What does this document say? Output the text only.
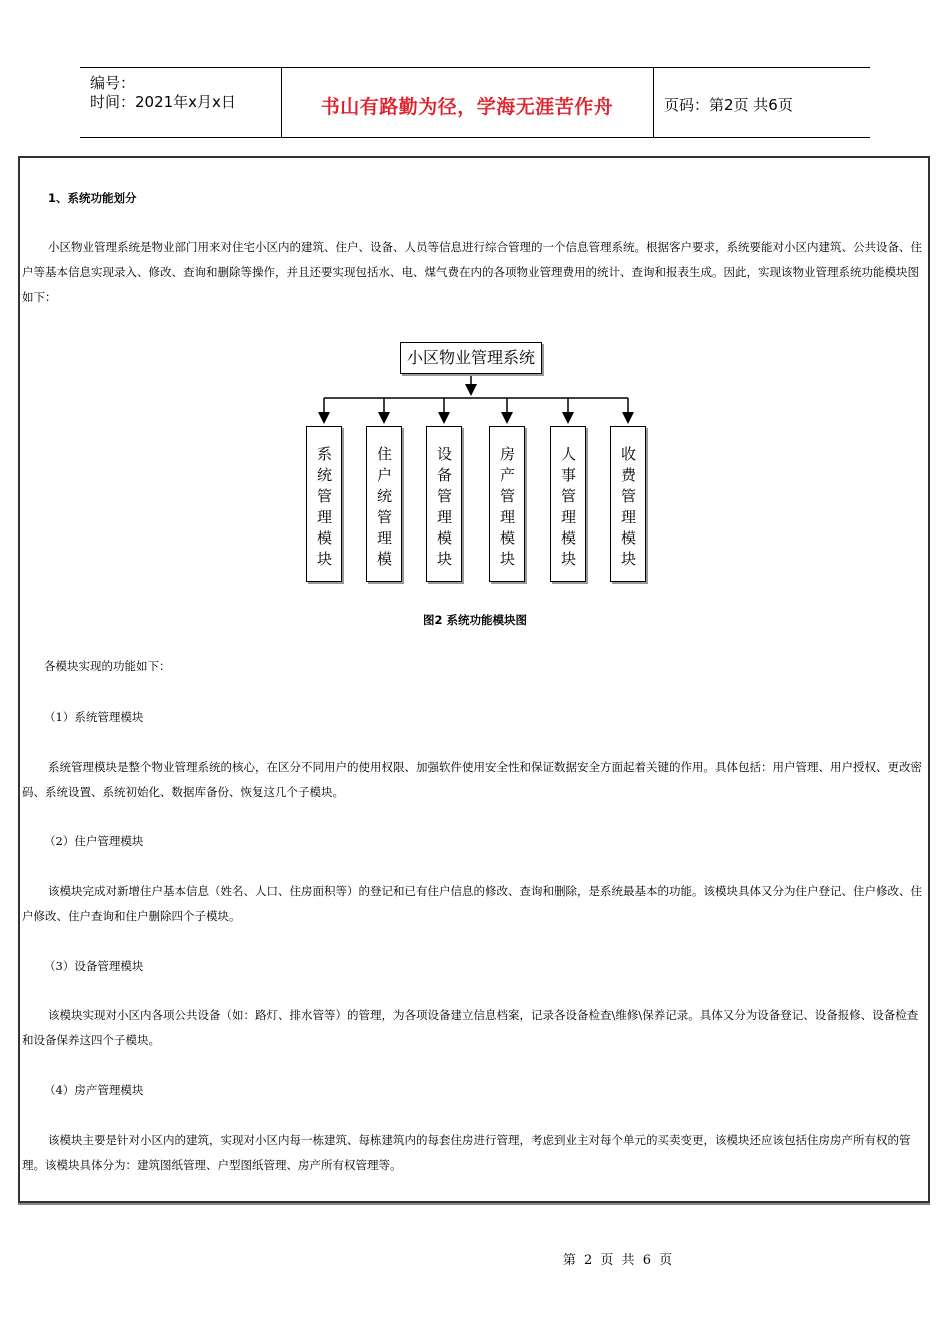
编号：
时间：2021年x月x日	书山有路勤为径，学海无涯苦作舟	页码：第2页 共6页
1、系统功能划分
小区物业管理系统是物业部门用来对住宅小区内的建筑、住户、设备、人员等信息进行综合管理的一个信息管理系统。根据客户要求，系统要能对小区内建筑、公共设备、住户等基本信息实现录入、修改、查询和删除等操作，并且还要实现包括水、电、煤气费在内的各项物业管理费用的统计、查询和报表生成。因此，实现该物业管理系统功能模块图如下：
小区物业管理系统
系统管理模块	住户统管理模	设备管理模块	房产管理模块	人事管理模块	收费管理模块
图2 系统功能模块图
各模块实现的功能如下：
（1）系统管理模块
系统管理模块是整个物业管理系统的核心，在区分不同用户的使用权限、加强软件使用安全性和保证数据安全方面起着关键的作用。具体包括：用户管理、用户授权、更改密码、系统设置、系统初始化、数据库备份、恢复这几个子模块。
（2）住户管理模块
该模块完成对新增住户基本信息（姓名、人口、住房面积等）的登记和已有住户信息的修改、查询和删除，是系统最基本的功能。该模块具体又分为住户登记、住户修改、住户修改、住户查询和住户删除四个子模块。
（3）设备管理模块
该模块实现对小区内各项公共设备（如：路灯、排水管等）的管理，为各项设备建立信息档案，记录各设备检查\维修\保养记录。具体又分为设备登记、设备报修、设备检查和设备保养这四个子模块。
（4）房产管理模块
该模块主要是针对小区内的建筑，实现对小区内每一栋建筑、每栋建筑内的每套住房进行管理，考虑到业主对每个单元的买卖变更，该模块还应该包括住房房产所有权的管理。该模块具体分为：建筑图纸管理、户型图纸管理、房产所有权管理等。
第 2 页 共 6 页
